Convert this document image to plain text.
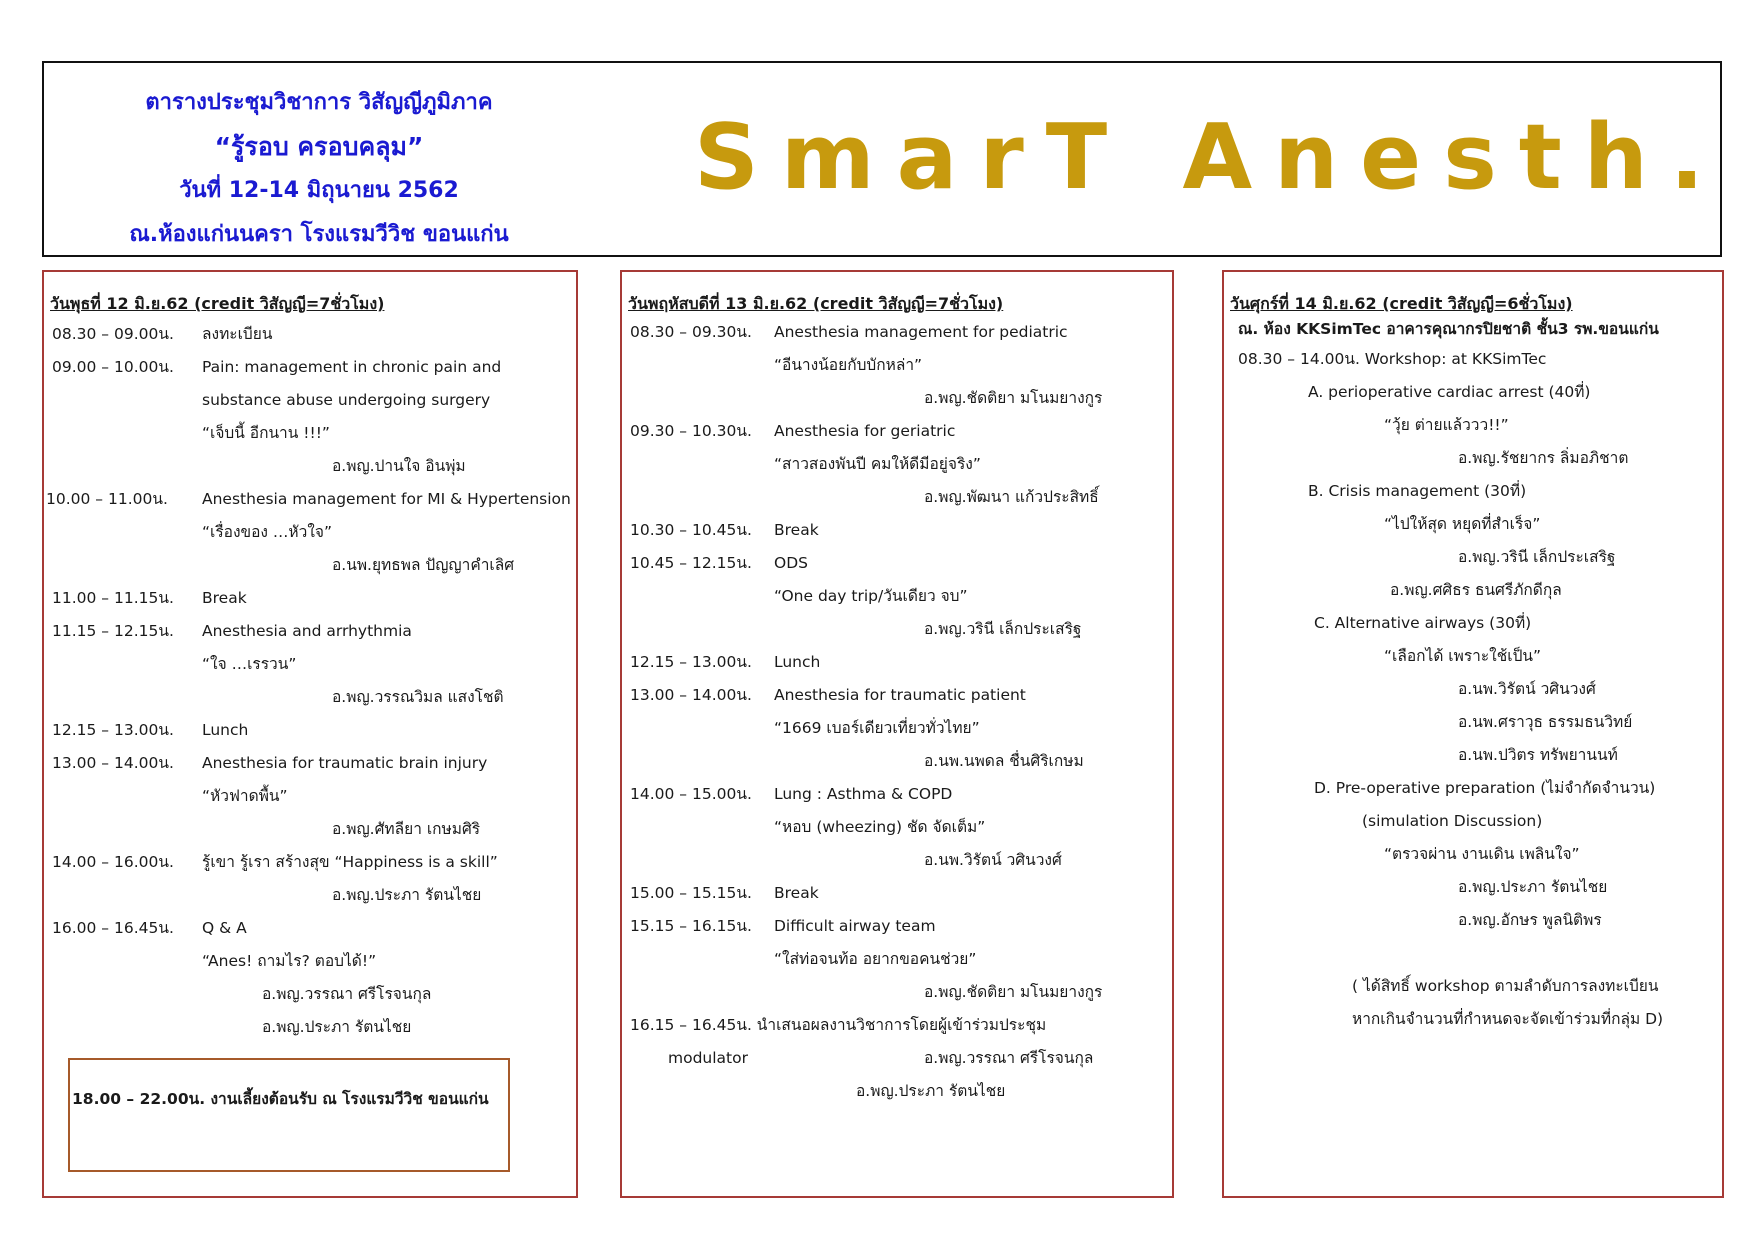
ตารางประชุมวิชาการ วิสัญญีภูมิภาค
“รู้รอบ ครอบคลุม”
วันที่ 12-14 มิถุนายน 2562
ณ.ห้องแก่นนครา โรงแรมวีวิช ขอนแก่น
SmarT Anesth.
วันพุธที่ 12 มิ.ย.62 (credit วิสัญญี=7ชั่วโมง)
08.30 – 09.00น. ลงทะเบียน
09.00 – 10.00น. Pain: management in chronic pain and
substance abuse undergoing surgery
“เจ็บนี้ อีกนาน !!!”
อ.พญ.ปานใจ อินพุ่ม
10.00 – 11.00น. Anesthesia management for MI & Hypertension
“เรื่องของ …หัวใจ”
อ.นพ.ยุทธพล ปัญญาคำเลิศ
11.00 – 11.15น. Break
11.15 – 12.15น. Anesthesia and arrhythmia
“ใจ …เรรวน”
อ.พญ.วรรณวิมล แสงโชติ
12.15 – 13.00น. Lunch
13.00 – 14.00น. Anesthesia for traumatic brain injury
“หัวฟาดพื้น”
อ.พญ.ศัทลียา เกษมศิริ
14.00 – 16.00น. รู้เขา รู้เรา สร้างสุข “Happiness is a skill”
อ.พญ.ประภา รัตนไชย
16.00 – 16.45น. Q & A
“Anes! ถามไร? ตอบได้!”
อ.พญ.วรรณา ศรีโรจนกุล
อ.พญ.ประภา รัตนไชย
18.00 – 22.00น. งานเลี้ยงต้อนรับ ณ โรงแรมวีวิช ขอนแก่น
วันพฤหัสบดีที่ 13 มิ.ย.62 (credit วิสัญญี=7ชั่วโมง)
08.30 – 09.30น. Anesthesia management for pediatric
“อีนางน้อยกับบักหล่า”
อ.พญ.ชัดติยา มโนมยางกูร
09.30 – 10.30น. Anesthesia for geriatric
“สาวสองพันปี คมให้ดีมีอยู่จริง”
อ.พญ.พัฒนา แก้วประสิทธิ์
10.30 – 10.45น. Break
10.45 – 12.15น. ODS
“One day trip/วันเดียว จบ”
อ.พญ.วรินี เล็กประเสริฐ
12.15 – 13.00น. Lunch
13.00 – 14.00น. Anesthesia for traumatic patient
“1669 เบอร์เดียวเที่ยวทั่วไทย”
อ.นพ.นพดล ชื่นศิริเกษม
14.00 – 15.00น. Lung : Asthma & COPD
“หอบ (wheezing) ชัด จัดเต็ม”
อ.นพ.วิรัตน์ วศินวงศ์
15.00 – 15.15น. Break
15.15 – 16.15น. Difficult airway team
“ใส่ท่อจนท้อ อยากขอคนช่วย”
อ.พญ.ชัดติยา มโนมยางกูร
16.15 – 16.45น. นำเสนอผลงานวิชาการโดยผู้เข้าร่วมประชุม
modulator	อ.พญ.วรรณา ศรีโรจนกุล
อ.พญ.ประภา รัตนไชย
วันศุกร์ที่ 14 มิ.ย.62 (credit วิสัญญี=6ชั่วโมง)
ณ. ห้อง KKSimTec อาคารคุณากรปิยชาติ ชั้น3 รพ.ขอนแก่น
08.30 – 14.00น. Workshop: at KKSimTec
A. perioperative cardiac arrest (40ที่)
“วุ้ย ต่ายแล้ววว!!”
อ.พญ.รัชยากร ลิ่มอภิชาต
B. Crisis management (30ที่)
“ไปให้สุด หยุดที่สำเร็จ”
อ.พญ.วรินี เล็กประเสริฐ
อ.พญ.ศศิธร ธนศรีภักดีกุล
C. Alternative airways (30ที่)
“เลือกได้ เพราะใช้เป็น”
อ.นพ.วิรัตน์ วศินวงศ์
อ.นพ.ศราวุธ ธรรมธนวิทย์
อ.นพ.ปวิตร ทรัพยานนท์
D. Pre-operative preparation (ไม่จำกัดจำนวน)
(simulation Discussion)
“ตรวจผ่าน งานเดิน เพลินใจ”
อ.พญ.ประภา รัตนไชย
อ.พญ.อักษร พูลนิติพร
( ได้สิทธิ์ workshop ตามลำดับการลงทะเบียน
หากเกินจำนวนที่กำหนดจะจัดเข้าร่วมที่กลุ่ม D)
